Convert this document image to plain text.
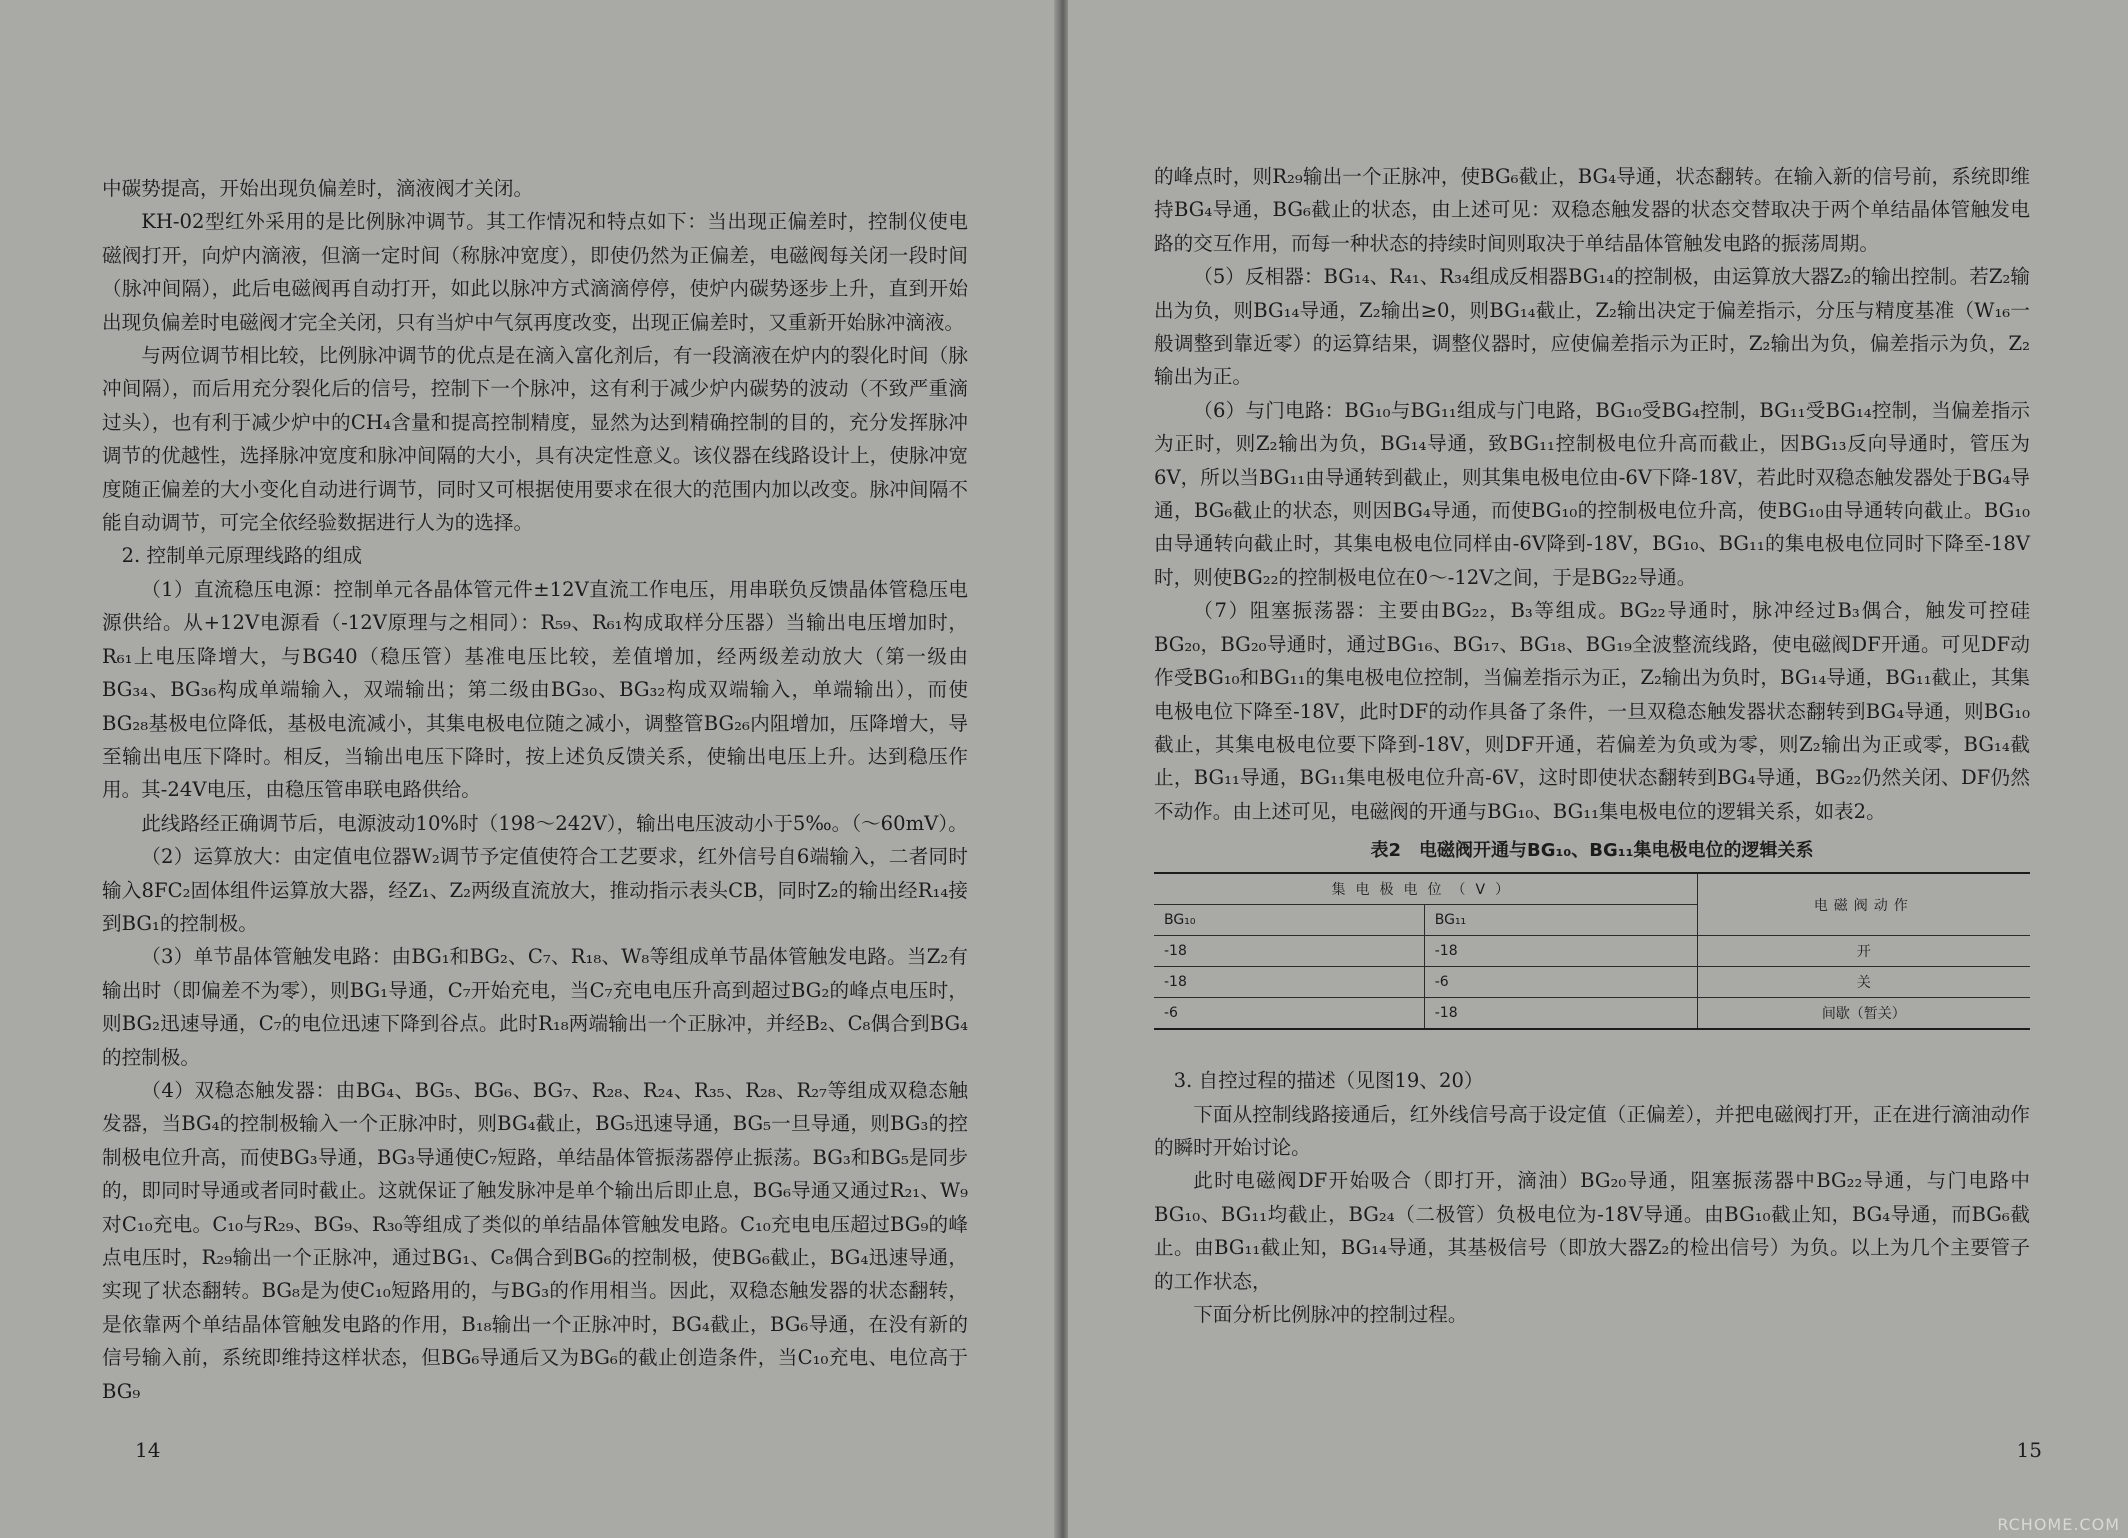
中碳势提高，开始出现负偏差时，滴液阀才关闭。

KH-02型红外采用的是比例脉冲调节。其工作情况和特点如下：当出现正偏差时，控制仪使电磁阀打开，向炉内滴液，但滴一定时间（称脉冲宽度），即使仍然为正偏差，电磁阀每关闭一段时间（脉冲间隔），此后电磁阀再自动打开，如此以脉冲方式滴滴停停，使炉内碳势逐步上升，直到开始出现负偏差时电磁阀才完全关闭，只有当炉中气氛再度改变，出现正偏差时，又重新开始脉冲滴液。

与两位调节相比较，比例脉冲调节的优点是在滴入富化剂后，有一段滴液在炉内的裂化时间（脉冲间隔），而后用充分裂化后的信号，控制下一个脉冲，这有利于减少炉内碳势的波动（不致严重滴过头），也有利于减少炉中的CH₄含量和提高控制精度，显然为达到精确控制的目的，充分发挥脉冲调节的优越性，选择脉冲宽度和脉冲间隔的大小，具有决定性意义。该仪器在线路设计上，使脉冲宽度随正偏差的大小变化自动进行调节，同时又可根据使用要求在很大的范围内加以改变。脉冲间隔不能自动调节，可完全依经验数据进行人为的选择。

2. 控制单元原理线路的组成

（1）直流稳压电源：控制单元各晶体管元件±12V直流工作电压，用串联负反馈晶体管稳压电源供给。从+12V电源看（-12V原理与之相同）：R₅₉、R₆₁构成取样分压器）当输出电压增加时，R₆₁上电压降增大，与BG40（稳压管）基准电压比较，差值增加，经两级差动放大（第一级由BG₃₄、BG₃₆构成单端输入，双端输出；第二级由BG₃₀、BG₃₂构成双端输入，单端输出），而使BG₂₈基极电位降低，基极电流减小，其集电极电位随之减小，调整管BG₂₆内阻增加，压降增大，导至输出电压下降时。相反，当输出电压下降时，按上述负反馈关系，使输出电压上升。达到稳压作用。其-24V电压，由稳压管串联电路供给。

此线路经正确调节后，电源波动10%时（198～242V），输出电压波动小于5‰。（～60mV）。

（2）运算放大：由定值电位器W₂调节予定值使符合工艺要求，红外信号自6端输入，二者同时输入8FC₂固体组件运算放大器，经Z₁、Z₂两级直流放大，推动指示表头CB，同时Z₂的输出经R₁₄接到BG₁的控制极。

（3）单节晶体管触发电路：由BG₁和BG₂、C₇、R₁₈、W₈等组成单节晶体管触发电路。当Z₂有输出时（即偏差不为零），则BG₁导通，C₇开始充电，当C₇充电电压升高到超过BG₂的峰点电压时，则BG₂迅速导通，C₇的电位迅速下降到谷点。此时R₁₈两端输出一个正脉冲，并经B₂、C₈偶合到BG₄的控制极。

（4）双稳态触发器：由BG₄、BG₅、BG₆、BG₇、R₂₈、R₂₄、R₃₅、R₂₈、R₂₇等组成双稳态触发器，当BG₄的控制极输入一个正脉冲时，则BG₄截止，BG₅迅速导通，BG₅一旦导通，则BG₃的控制极电位升高，而使BG₃导通，BG₃导通使C₇短路，单结晶体管振荡器停止振荡。BG₃和BG₅是同步的，即同时导通或者同时截止。这就保证了触发脉冲是单个输出后即止息，BG₆导通又通过R₂₁、W₉对C₁₀充电。C₁₀与R₂₉、BG₉、R₃₀等组成了类似的单结晶体管触发电路。C₁₀充电电压超过BG₉的峰点电压时，R₂₉输出一个正脉冲，通过BG₁、C₈偶合到BG₆的控制极，使BG₆截止，BG₄迅速导通，实现了状态翻转。BG₈是为使C₁₀短路用的，与BG₃的作用相当。因此，双稳态触发器的状态翻转，是依靠两个单结晶体管触发电路的作用，B₁₈输出一个正脉冲时，BG₄截止，BG₆导通，在没有新的信号输入前，系统即维持这样状态，但BG₆导通后又为BG₆的截止创造条件，当C₁₀充电、电位高于BG₉

14

的峰点时，则R₂₉输出一个正脉冲，使BG₆截止，BG₄导通，状态翻转。在输入新的信号前，系统即维持BG₄导通，BG₆截止的状态，由上述可见：双稳态触发器的状态交替取决于两个单结晶体管触发电路的交互作用，而每一种状态的持续时间则取决于单结晶体管触发电路的振荡周期。

（5）反相器：BG₁₄、R₄₁、R₃₄组成反相器BG₁₄的控制极，由运算放大器Z₂的输出控制。若Z₂输出为负，则BG₁₄导通，Z₂输出≥0，则BG₁₄截止，Z₂输出决定于偏差指示，分压与精度基准（W₁₆一般调整到靠近零）的运算结果，调整仪器时，应使偏差指示为正时，Z₂输出为负，偏差指示为负，Z₂输出为正。

（6）与门电路：BG₁₀与BG₁₁组成与门电路，BG₁₀受BG₄控制，BG₁₁受BG₁₄控制，当偏差指示为正时，则Z₂输出为负，BG₁₄导通，致BG₁₁控制极电位升高而截止，因BG₁₃反向导通时，管压为6V，所以当BG₁₁由导通转到截止，则其集电极电位由-6V下降-18V，若此时双稳态触发器处于BG₄导通，BG₆截止的状态，则因BG₄导通，而使BG₁₀的控制极电位升高，使BG₁₀由导通转向截止。BG₁₀由导通转向截止时，其集电极电位同样由-6V降到-18V，BG₁₀、BG₁₁的集电极电位同时下降至-18V时，则使BG₂₂的控制极电位在0～-12V之间，于是BG₂₂导通。

（7）阻塞振荡器：主要由BG₂₂，B₃等组成。BG₂₂导通时，脉冲经过B₃偶合，触发可控硅BG₂₀，BG₂₀导通时，通过BG₁₆、BG₁₇、BG₁₈、BG₁₉全波整流线路，使电磁阀DF开通。可见DF动作受BG₁₀和BG₁₁的集电极电位控制，当偏差指示为正，Z₂输出为负时，BG₁₄导通，BG₁₁截止，其集电极电位下降至-18V，此时DF的动作具备了条件，一旦双稳态触发器状态翻转到BG₄导通，则BG₁₀截止，其集电极电位要下降到-18V，则DF开通，若偏差为负或为零，则Z₂输出为正或零，BG₁₄截止，BG₁₁导通，BG₁₁集电极电位升高-6V，这时即使状态翻转到BG₄导通，BG₂₂仍然关闭、DF仍然不动作。由上述可见，电磁阀的开通与BG₁₀、BG₁₁集电极电位的逻辑关系，如表2。

表2　电磁阀开通与BG₁₀、BG₁₁集电极电位的逻辑关系
集电极电位（V）		电磁阀动作
BG₁₀	BG₁₁	
-18	-18	开
-18	-6	关
-6	-18	间歇（暂关）

3. 自控过程的描述（见图19、20）

下面从控制线路接通后，红外线信号高于设定值（正偏差），并把电磁阀打开，正在进行滴油动作的瞬时开始讨论。

此时电磁阀DF开始吸合（即打开，滴油）BG₂₀导通，阻塞振荡器中BG₂₂导通，与门电路中BG₁₀、BG₁₁均截止，BG₂₄（二极管）负极电位为-18V导通。由BG₁₀截止知，BG₄导通，而BG₆截止。由BG₁₁截止知，BG₁₄导通，其基极信号（即放大器Z₂的检出信号）为负。以上为几个主要管子的工作状态，

下面分析比例脉冲的控制过程。

15
RCHOME.COM
